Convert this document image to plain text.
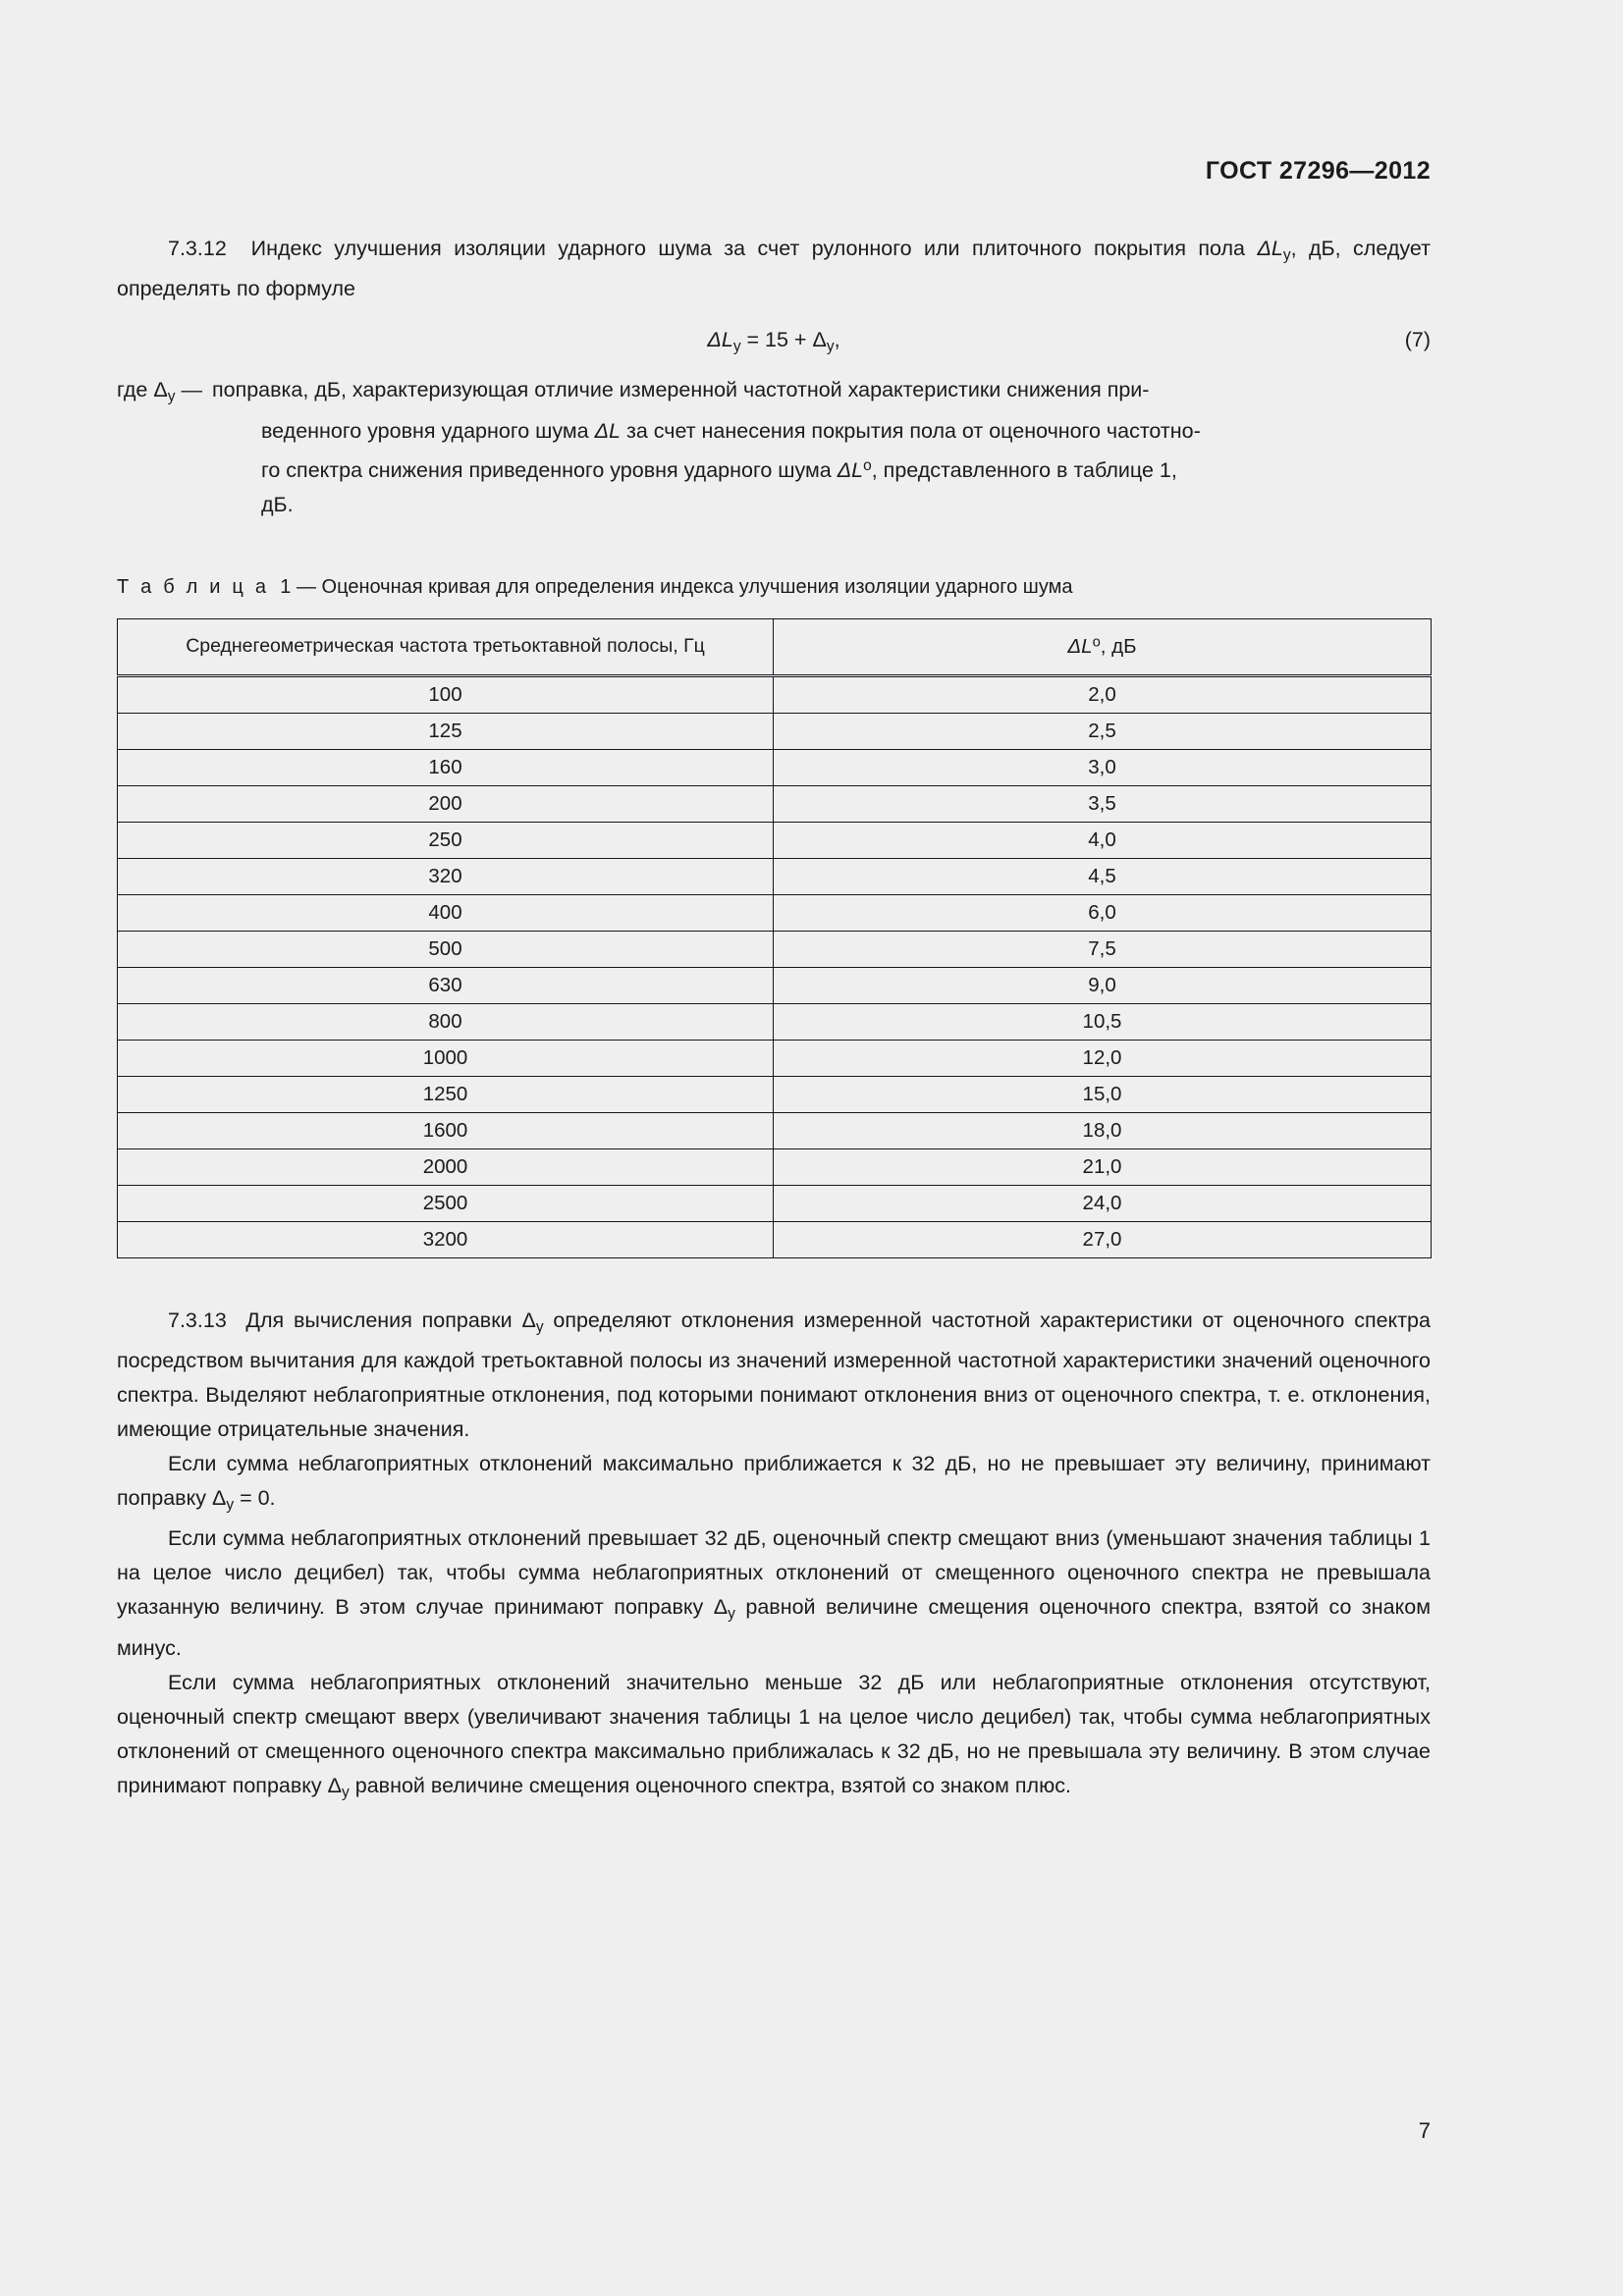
ГОСТ 27296—2012

7.3.12 Индекс улучшения изоляции ударного шума за счет рулонного или плиточного покрытия пола $\Delta L_y$, дБ, следует определять по формуле

$\Delta L_y = 15 + \Delta_y$,	(7)
где $\Delta_y$ — поправка, дБ, характеризующая отличие измеренной частотной характеристики снижения при-
веденного уровня ударного шума ΔL за счет нанесения покрытия пола от оценочного частотно-
го спектра снижения приведенного уровня ударного шума $\Delta L^о$, представленного в таблице 1,
дБ.
Т а б л и ц а 1 — Оценочная кривая для определения индекса улучшения изоляции ударного шума
Среднегеометрическая частота третьоктавной полосы, Гц	$\Delta L^о$, дБ
100	2,0
125	2,5
160	3,0
200	3,5
250	4,0
320	4,5
400	6,0
500	7,5
630	9,0
800	10,5
1000	12,0
1250	15,0
1600	18,0
2000	21,0
2500	24,0
3200	27,0

7.3.13 Для вычисления поправки $\Delta_y$ определяют отклонения измеренной частотной характеристики от оценочного спектра посредством вычитания для каждой третьоктавной полосы из значений измеренной частотной характеристики значений оценочного спектра. Выделяют неблагоприятные отклонения, под которыми понимают отклонения вниз от оценочного спектра, т. е. отклонения, имеющие отрицательные значения.

Если сумма неблагоприятных отклонений максимально приближается к 32 дБ, но не превышает эту величину, принимают поправку $\Delta_y = 0$.

Если сумма неблагоприятных отклонений превышает 32 дБ, оценочный спектр смещают вниз (уменьшают значения таблицы 1 на целое число децибел) так, чтобы сумма неблагоприятных отклонений от смещенного оценочного спектра не превышала указанную величину. В этом случае принимают поправку $\Delta_y$ равной величине смещения оценочного спектра, взятой со знаком минус.

Если сумма неблагоприятных отклонений значительно меньше 32 дБ или неблагоприятные отклонения отсутствуют, оценочный спектр смещают вверх (увеличивают значения таблицы 1 на целое число децибел) так, чтобы сумма неблагоприятных отклонений от смещенного оценочного спектра максимально приближалась к 32 дБ, но не превышала эту величину. В этом случае принимают поправку $\Delta_y$ равной величине смещения оценочного спектра, взятой со знаком плюс.

7
